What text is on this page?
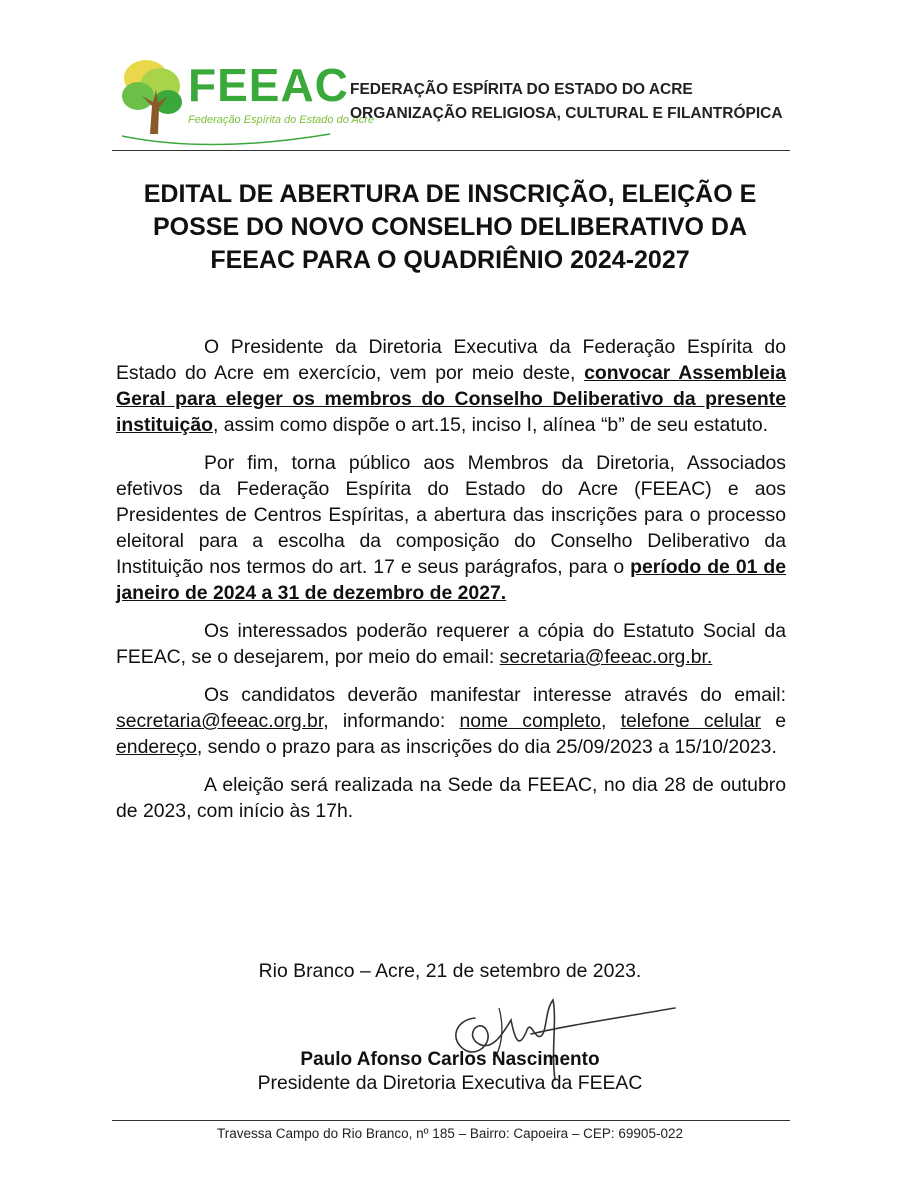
FEEAC
Federação Espírita do Estado do Acre
FEDERAÇÃO ESPÍRITA DO ESTADO DO ACRE
ORGANIZAÇÃO RELIGIOSA, CULTURAL E FILANTRÓPICA
EDITAL DE ABERTURA DE INSCRIÇÃO, ELEIÇÃO E
POSSE DO NOVO CONSELHO DELIBERATIVO DA
FEEAC PARA O QUADRIÊNIO 2024-2027

O Presidente da Diretoria Executiva da Federação Espírita do Estado do Acre em exercício, vem por meio deste, convocar Assembleia Geral para eleger os membros do Conselho Deliberativo da presente instituição, assim como dispõe o art.15, inciso I, alínea “b” de seu estatuto.

Por fim, torna público aos Membros da Diretoria, Associados efetivos da Federação Espírita do Estado do Acre (FEEAC) e aos Presidentes de Centros Espíritas, a abertura das inscrições para o processo eleitoral para a escolha da composição do Conselho Deliberativo da Instituição nos termos do art. 17 e seus parágrafos, para o período de 01 de janeiro de 2024 a 31 de dezembro de 2027.

Os interessados poderão requerer a cópia do Estatuto Social da FEEAC, se o desejarem, por meio do email: secretaria@feeac.org.br.

Os candidatos deverão manifestar interesse através do email: secretaria@feeac.org.br, informando: nome completo, telefone celular e endereço, sendo o prazo para as inscrições do dia 25/09/2023 a 15/10/2023.

A eleição será realizada na Sede da FEEAC, no dia 28 de outubro de 2023, com início às 17h.

Rio Branco – Acre, 21 de setembro de 2023.
Paulo Afonso Carlos Nascimento
Presidente da Diretoria Executiva da FEEAC
Travessa Campo do Rio Branco, nº 185 – Bairro: Capoeira – CEP: 69905-022
